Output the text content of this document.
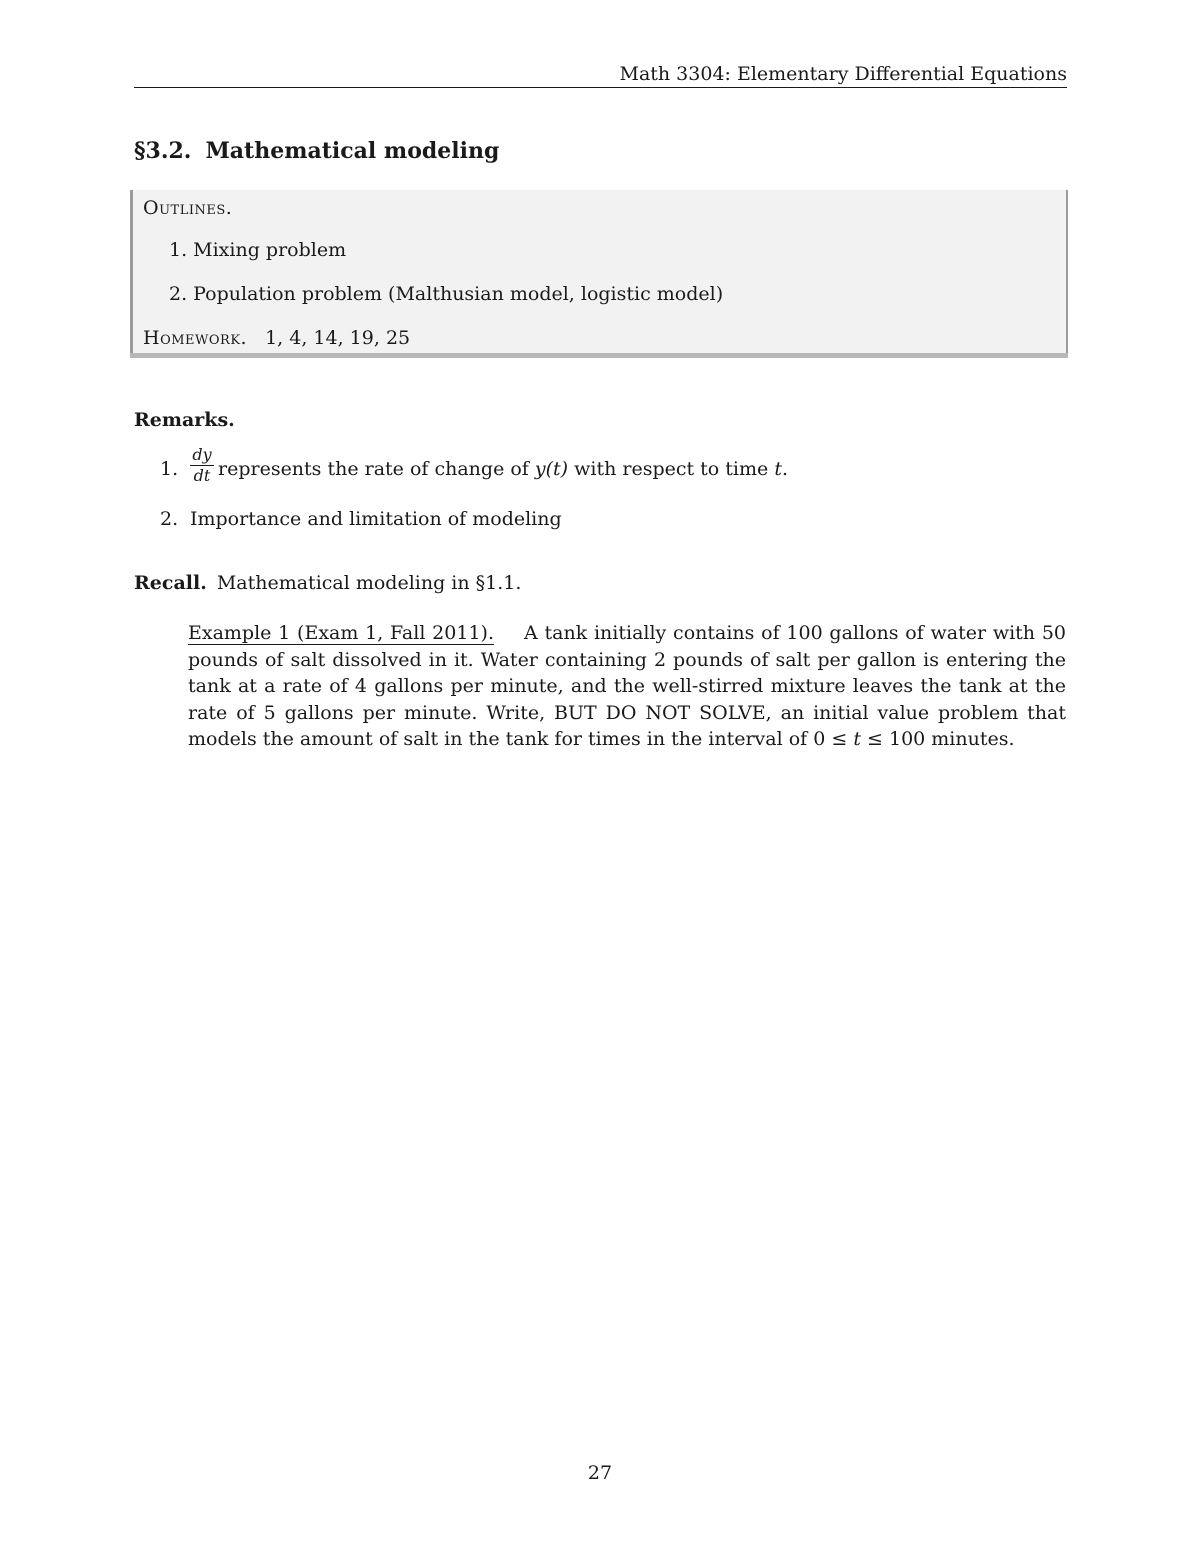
Math 3304: Elementary Differential Equations
§3.2. Mathematical modeling
Outlines.
1. Mixing problem
2. Population problem (Malthusian model, logistic model)
Homework. 1, 4, 14, 19, 25
Remarks.
1. represents the rate of change of y(t) with respect to time t.
dy
dt
2. Importance and limitation of modeling
Recall. Mathematical modeling in §1.1.
Example 1 (Exam 1, Fall 2011). A tank initially contains of 100 gallons of water with 50 pounds of salt dissolved in it. Water containing 2 pounds of salt per gallon is entering the tank at a rate of 4 gallons per minute, and the well-stirred mixture leaves the tank at the rate of 5 gallons per minute. Write, BUT DO NOT SOLVE, an initial value problem that models the amount of salt in the tank for times in the interval of 0 ≤ t ≤ 100 minutes.
27
